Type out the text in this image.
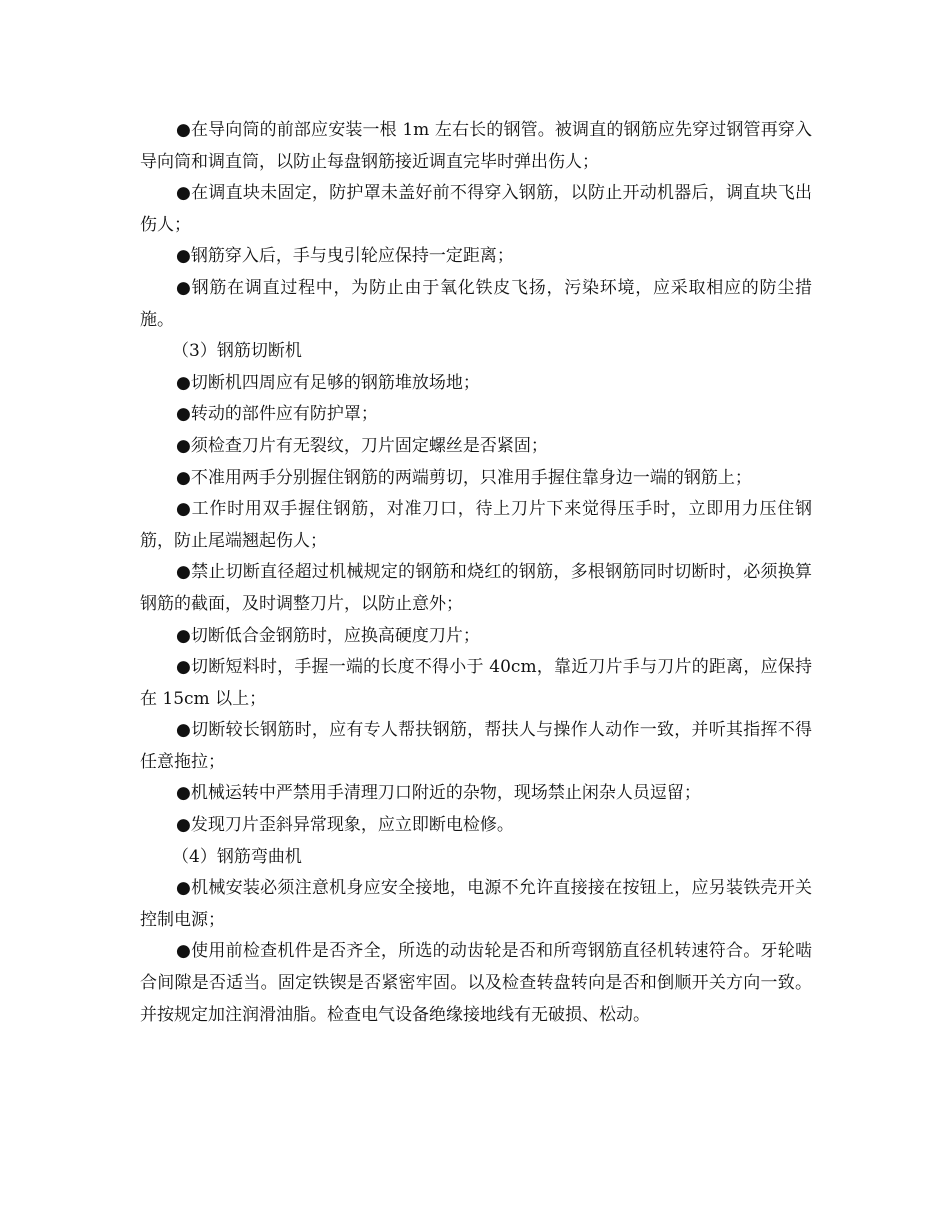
●在导向筒的前部应安装一根 1m 左右长的钢管。被调直的钢筋应先穿过钢管再穿入导向筒和调直筒，以防止每盘钢筋接近调直完毕时弹出伤人；

●在调直块未固定，防护罩未盖好前不得穿入钢筋，以防止开动机器后，调直块飞出伤人；

●钢筋穿入后，手与曳引轮应保持一定距离；

●钢筋在调直过程中，为防止由于氧化铁皮飞扬，污染环境，应采取相应的防尘措施。

（3）钢筋切断机

●切断机四周应有足够的钢筋堆放场地；

●转动的部件应有防护罩；

●须检查刀片有无裂纹，刀片固定螺丝是否紧固；

●不准用两手分别握住钢筋的两端剪切，只准用手握住靠身边一端的钢筋上；

●工作时用双手握住钢筋，对准刀口，待上刀片下来觉得压手时，立即用力压住钢筋，防止尾端翘起伤人；

●禁止切断直径超过机械规定的钢筋和烧红的钢筋，多根钢筋同时切断时，必须换算钢筋的截面，及时调整刀片，以防止意外；

●切断低合金钢筋时，应换高硬度刀片；

●切断短料时，手握一端的长度不得小于 40cm，靠近刀片手与刀片的距离，应保持在 15cm 以上；

●切断较长钢筋时，应有专人帮扶钢筋，帮扶人与操作人动作一致，并听其指挥不得任意拖拉；

●机械运转中严禁用手清理刀口附近的杂物，现场禁止闲杂人员逗留；

●发现刀片歪斜异常现象，应立即断电检修。

（4）钢筋弯曲机

●机械安装必须注意机身应安全接地，电源不允许直接接在按钮上，应另装铁壳开关控制电源；

●使用前检查机件是否齐全，所选的动齿轮是否和所弯钢筋直径机转速符合。牙轮啮合间隙是否适当。固定铁锲是否紧密牢固。以及检查转盘转向是否和倒顺开关方向一致。并按规定加注润滑油脂。检查电气设备绝缘接地线有无破损、松动。
